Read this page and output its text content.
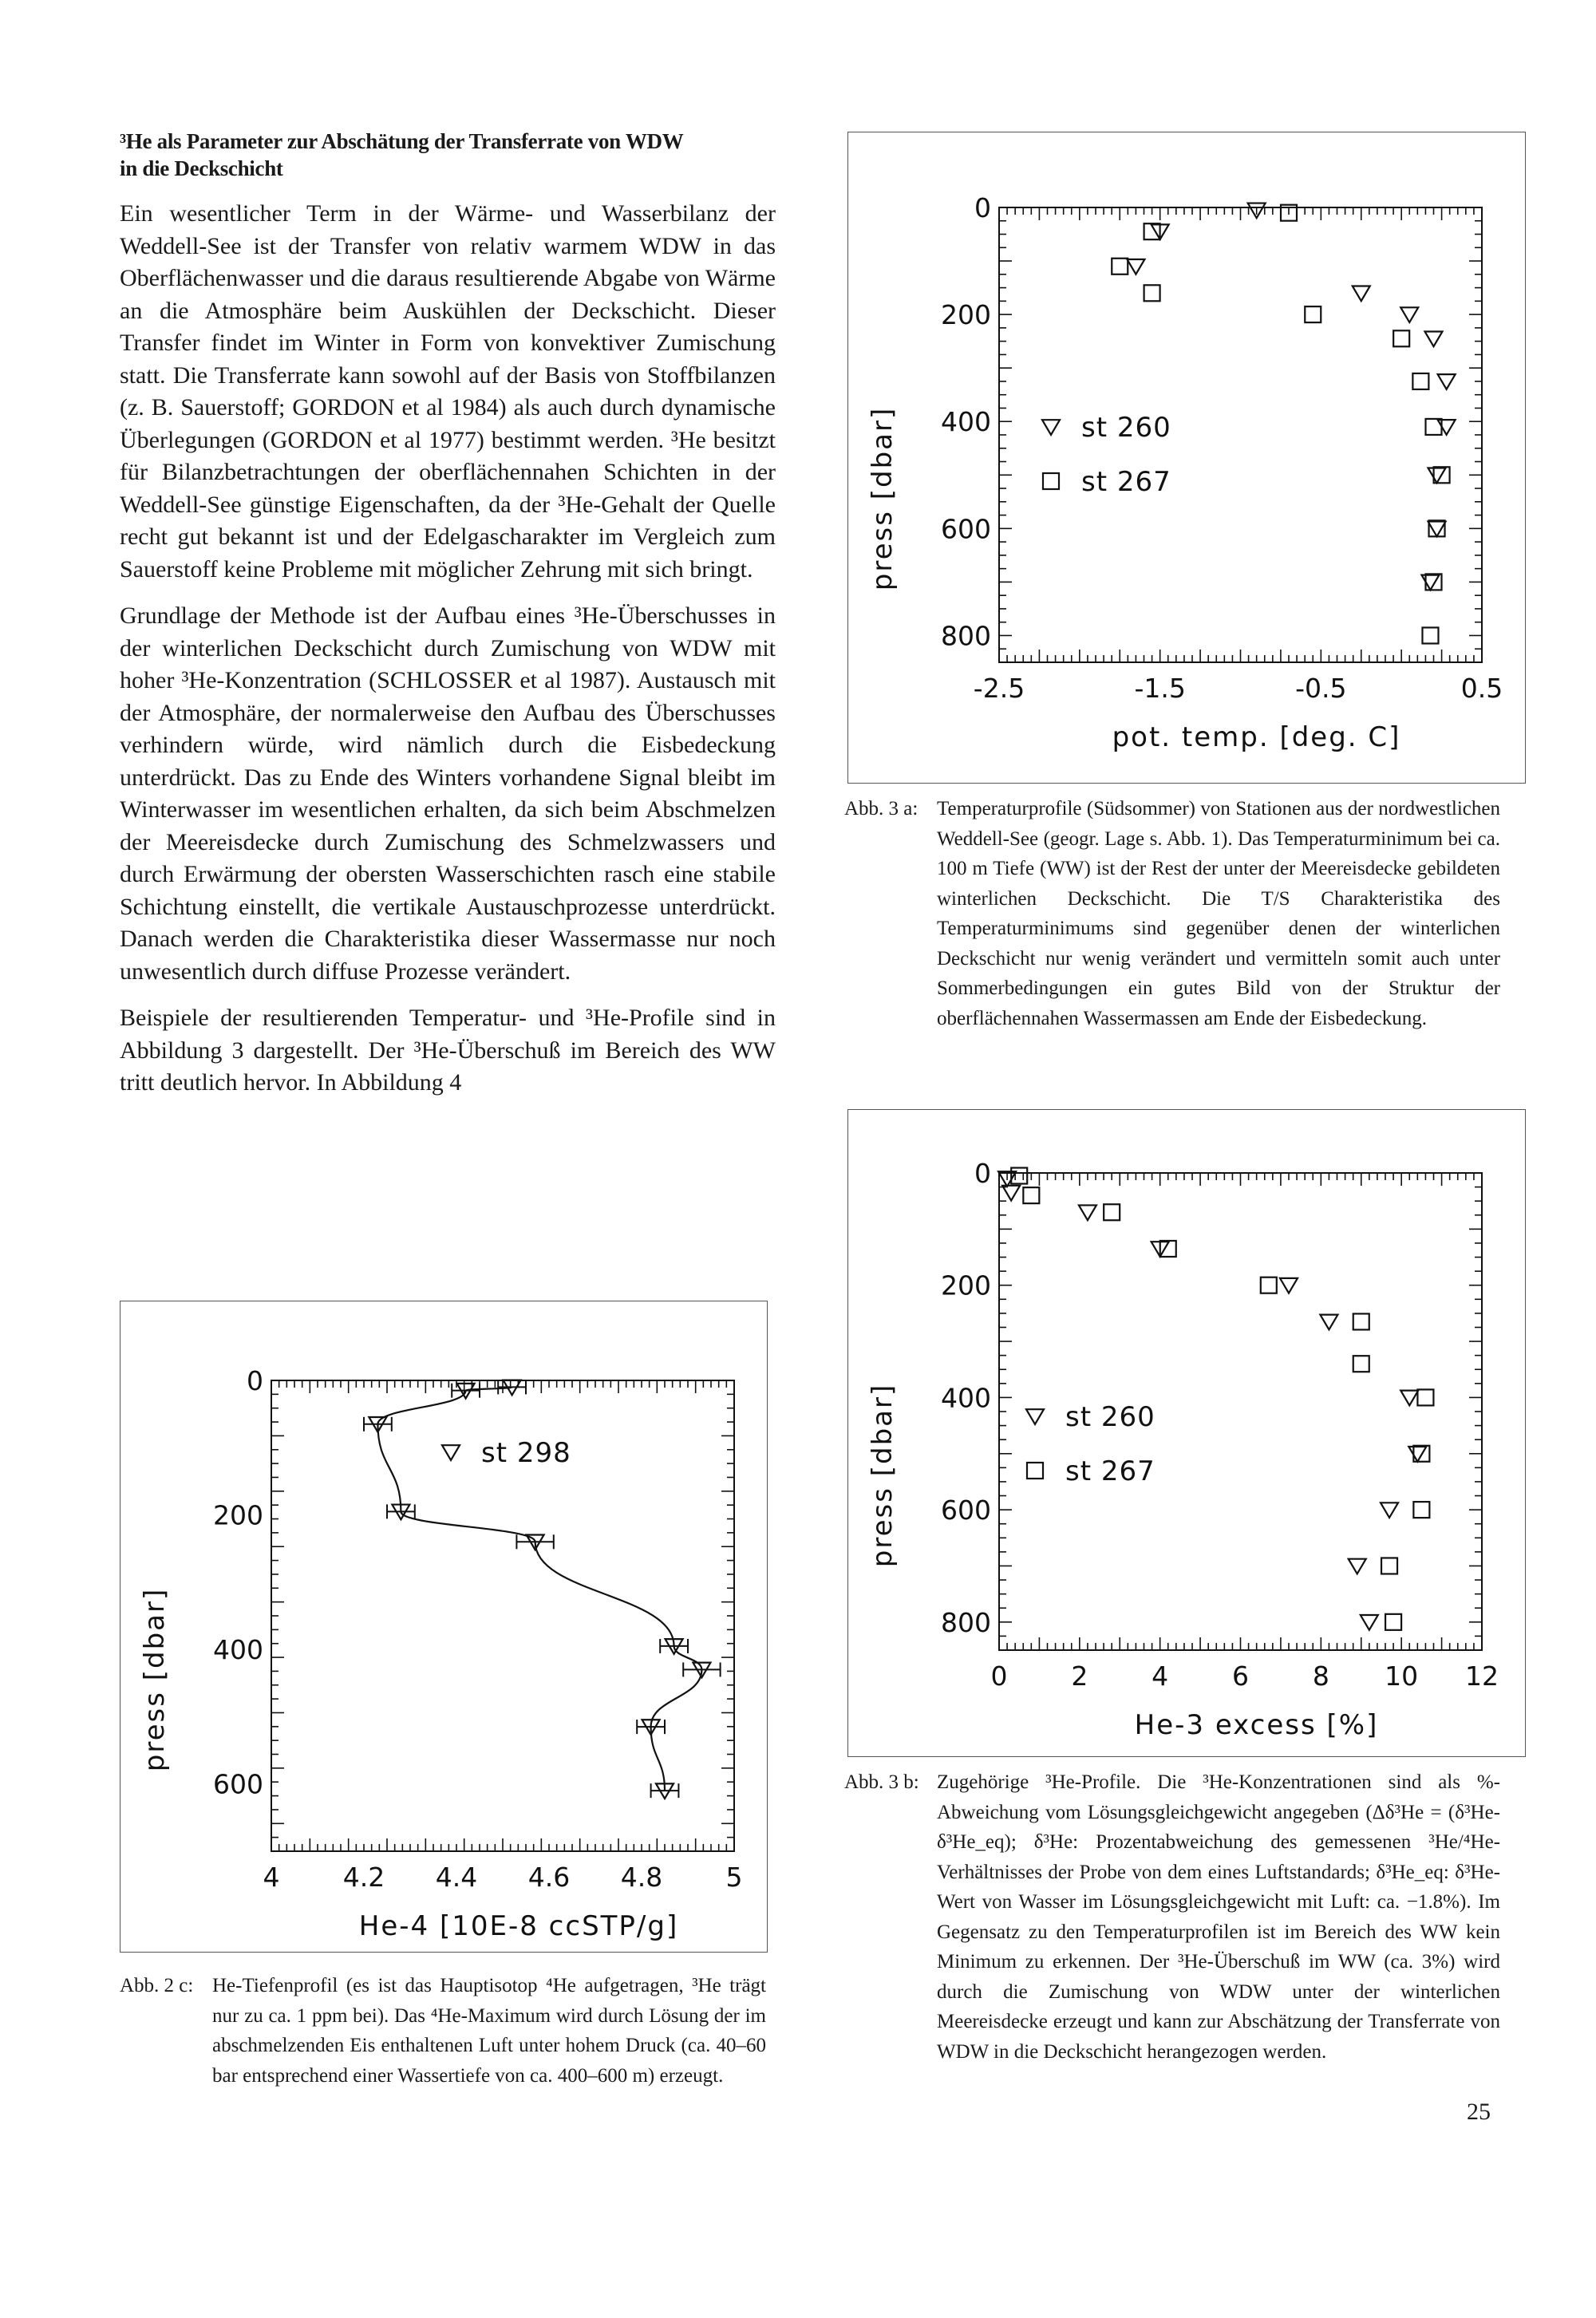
³He als Parameter zur Abschätung der Transferrate von WDW
in die Deckschicht

Ein wesentlicher Term in der Wärme- und Wasserbilanz der Weddell-See ist der Transfer von relativ warmem WDW in das Oberflächenwasser und die daraus resultierende Abgabe von Wärme an die Atmosphäre beim Auskühlen der Deckschicht. Dieser Transfer findet im Winter in Form von konvektiver Zumischung statt. Die Transferrate kann sowohl auf der Basis von Stoffbilanzen (z. B. Sauerstoff; GORDON et al 1984) als auch durch dynamische Überlegungen (GORDON et al 1977) bestimmt werden. ³He besitzt für Bilanzbetrachtungen der oberflächennahen Schichten in der Weddell-See günstige Eigenschaften, da der ³He-Gehalt der Quelle recht gut bekannt ist und der Edelgascharakter im Vergleich zum Sauerstoff keine Probleme mit möglicher Zehrung mit sich bringt.

Grundlage der Methode ist der Aufbau eines ³He-Überschusses in der winterlichen Deckschicht durch Zumischung von WDW mit hoher ³He-Konzentration (SCHLOSSER et al 1987). Austausch mit der Atmosphäre, der normalerweise den Aufbau des Überschusses verhindern würde, wird nämlich durch die Eisbedeckung unterdrückt. Das zu Ende des Winters vorhandene Signal bleibt im Winterwasser im wesentlichen erhalten, da sich beim Abschmelzen der Meereisdecke durch Zumischung des Schmelzwassers und durch Erwärmung der obersten Wasserschichten rasch eine stabile Schichtung einstellt, die vertikale Austauschprozesse unterdrückt. Danach werden die Charakteristika dieser Wassermasse nur noch unwesentlich durch diffuse Prozesse verändert.

Beispiele der resultierenden Temperatur- und ³He-Profile sind in Abbildung 3 dargestellt. Der ³He-Überschuß im Bereich des WW tritt deutlich hervor. In Abbildung 4

-2.5	-1.5	-0.5	0.5
0
200
400
600
800
pot. temp. [deg. C]
press [dbar]	st 260
st 267
0 2 4 6 8 10 12
0
200
400
600
800
He-3 excess [%]
press [dbar]	st 260
st 267
4 4.2 4.4 4.6 4.8 5
0
200
400
600
He-4 [10E-8 ccSTP/g]
press [dbar]
st 298
Abb. 3 a: Temperaturprofile (Südsommer) von Stationen aus der nordwestlichen Weddell-See (geogr. Lage s. Abb. 1). Das Temperaturminimum bei ca. 100 m Tiefe (WW) ist der Rest der unter der Meereisdecke gebildeten winterlichen Deckschicht. Die T/S Charakteristika des Temperaturminimums sind gegenüber denen der winterlichen Deckschicht nur wenig verändert und vermitteln somit auch unter Sommerbedingungen ein gutes Bild von der Struktur der oberflächennahen Wassermassen am Ende der Eisbedeckung.
Abb. 3 b: Zugehörige ³He-Profile. Die ³He-Konzentrationen sind als %-Abweichung vom Lösungsgleichgewicht angegeben (Δδ³He = (δ³He-δ³He_eq); δ³He: Prozentabweichung des gemessenen ³He/⁴He-Verhältnisses der Probe von dem eines Luftstandards; δ³He_eq: δ³He-Wert von Wasser im Lösungsgleichgewicht mit Luft: ca. −1.8%). Im Gegensatz zu den Temperaturprofilen ist im Bereich des WW kein Minimum zu erkennen. Der ³He-Überschuß im WW (ca. 3%) wird durch die Zumischung von WDW unter der winterlichen Meereisdecke erzeugt und kann zur Abschätzung der Transferrate von WDW in die Deckschicht herangezogen werden.
Abb. 2 c: He-Tiefenprofil (es ist das Hauptisotop ⁴He aufgetragen, ³He trägt nur zu ca. 1 ppm bei). Das ⁴He-Maximum wird durch Lösung der im abschmelzenden Eis enthaltenen Luft unter hohem Druck (ca. 40–60 bar entsprechend einer Wassertiefe von ca. 400–600 m) erzeugt.
25
